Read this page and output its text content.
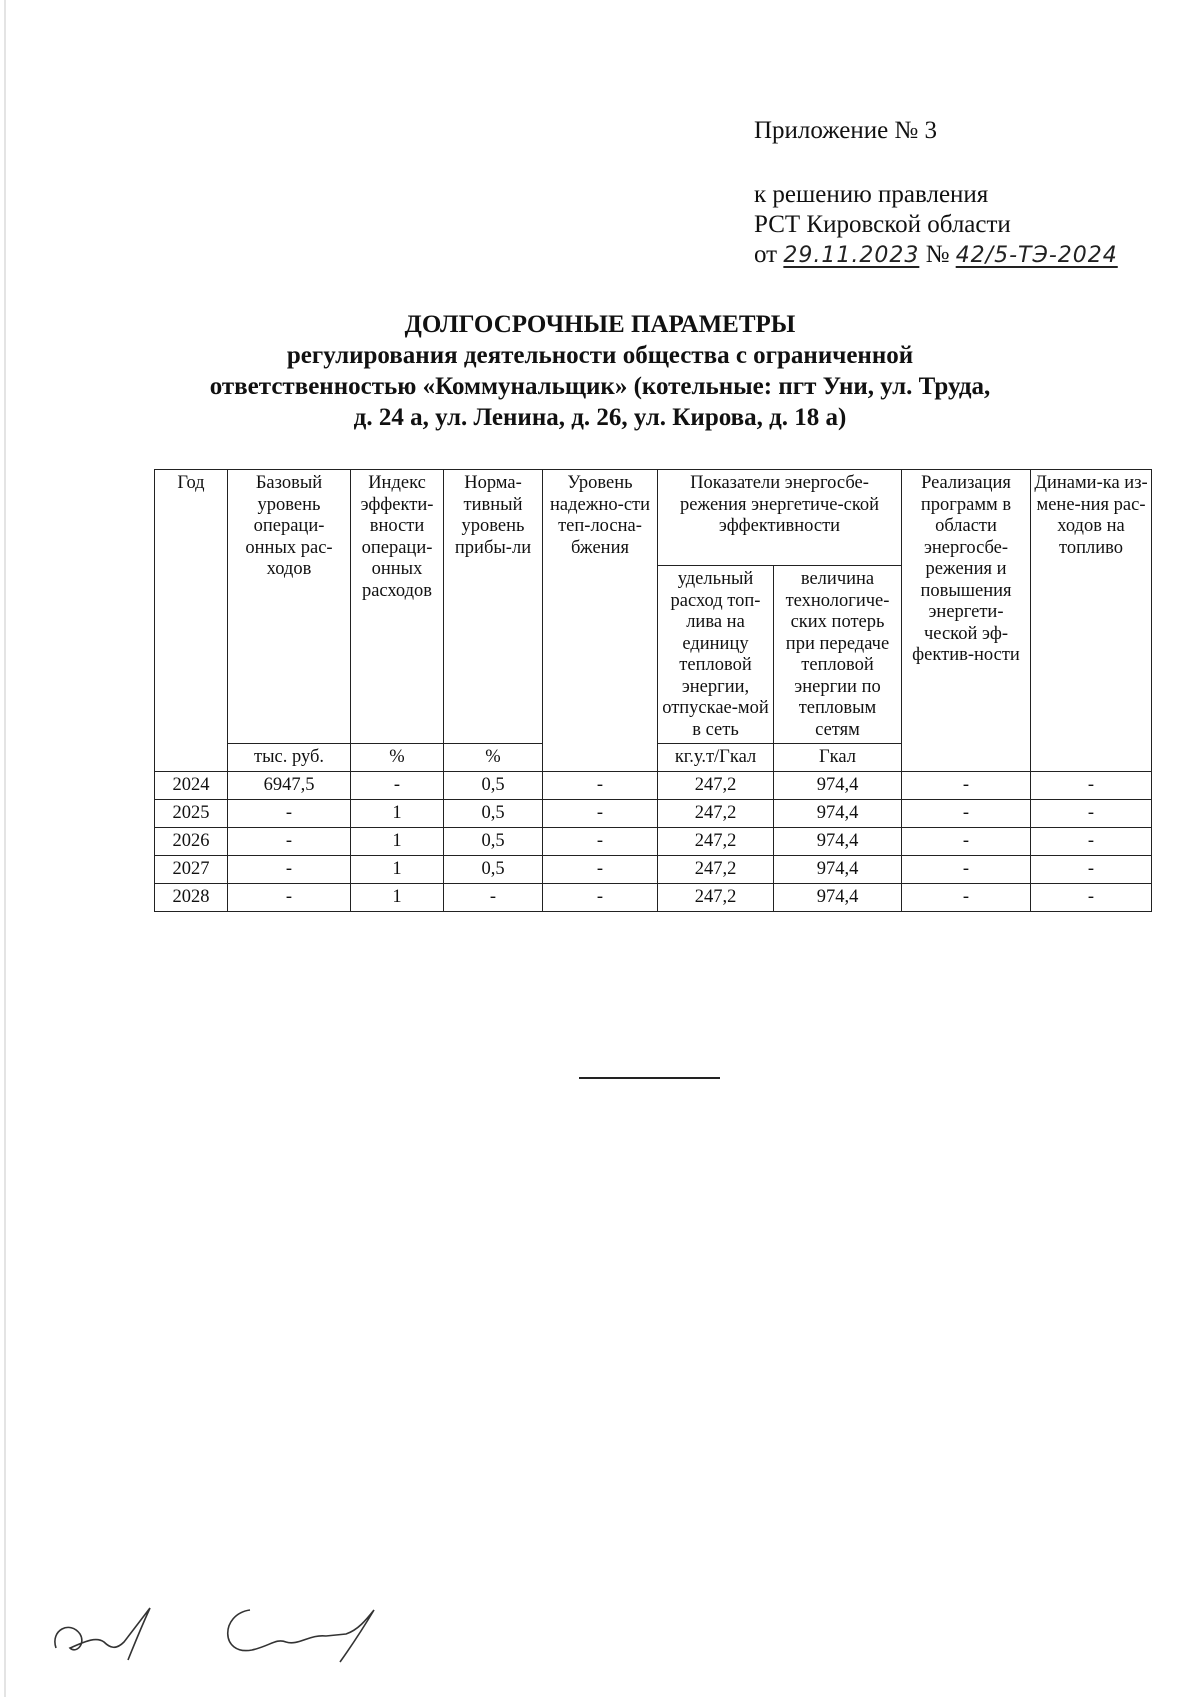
Приложение № 3
к решению правления
РСТ Кировской области
от 29.11.2023 № 42/5-ТЭ-2024
ДОЛГОСРОЧНЫЕ ПАРАМЕТРЫ
регулирования деятельности общества с ограниченной
ответственностью «Коммунальщик» (котельные: пгт Уни, ул. Труда,
д. 24 а, ул. Ленина, д. 26, ул. Кирова, д. 18 а)
Год	Базовый уровень операци-онных рас-ходов	Индекс эффекти-вности операци-онных расходов	Норма-тивный уровень прибы-ли	Уровень надежно-сти теп-лосна-бжения	Показатели энергосбе-режения энергетиче-ской эффективности		Реализация программ в области энергосбе-режения и повышения энергети-ческой эф-фектив-ности	Динами-ка из-мене-ния рас-ходов на топливо
					удельный расход топ-лива на единицу тепловой энергии, отпускае-мой в сеть	величина технологиче-ских потерь при передаче тепловой энергии по тепловым сетям		
	тыс. руб.	%	%		кг.у.т/Гкал	Гкал		
2024	6947,5	-	0,5	-	247,2	974,4	-	-
2025	-	1	0,5	-	247,2	974,4	-	-
2026	-	1	0,5	-	247,2	974,4	-	-
2027	-	1	0,5	-	247,2	974,4	-	-
2028	-	1	-	-	247,2	974,4	-	-
